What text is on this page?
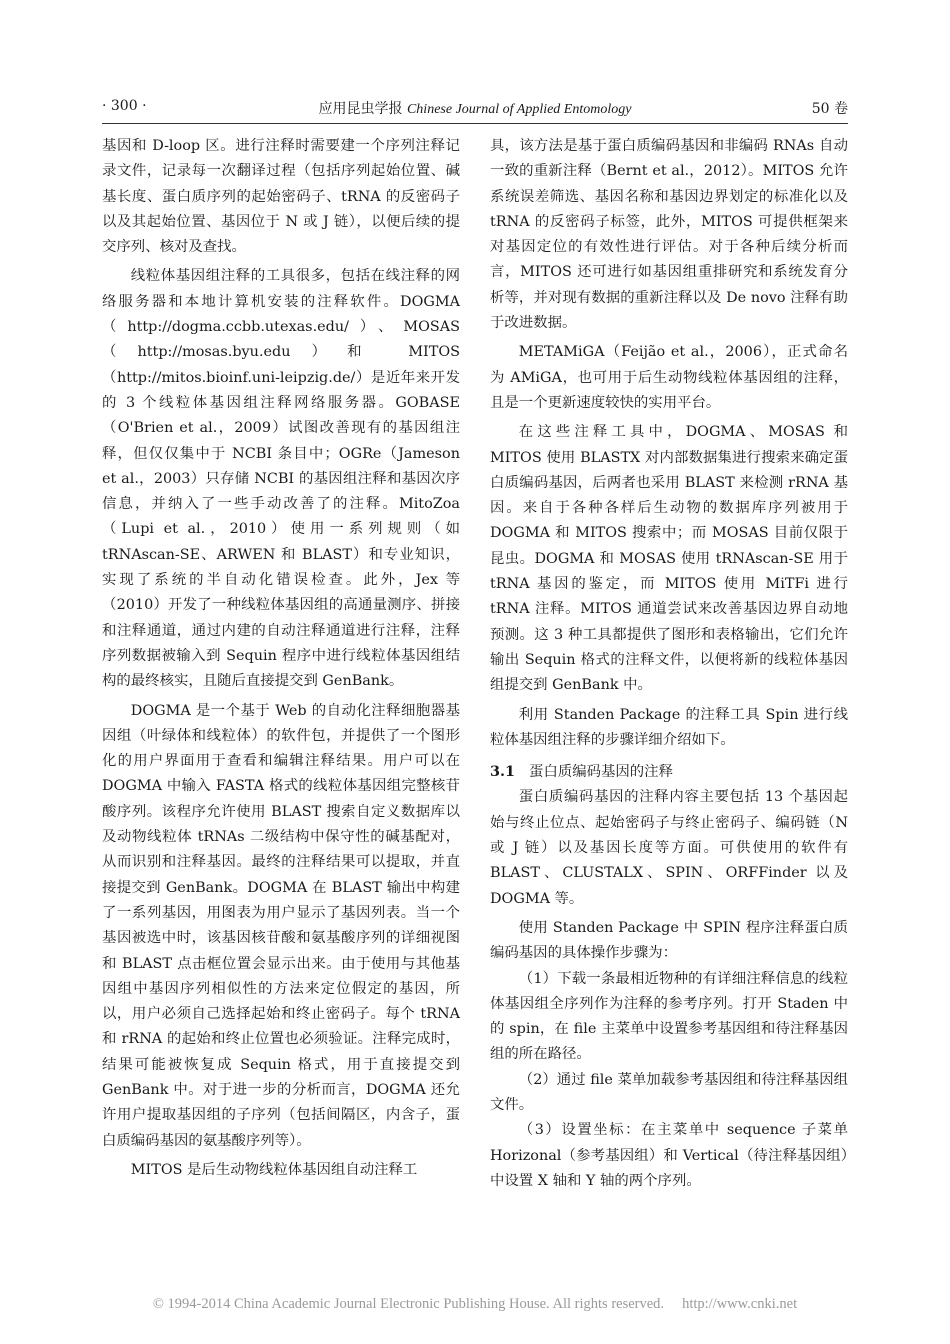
· 300 ·	应用昆虫学报 Chinese Journal of Applied Entomology	50 卷

基因和 D-loop 区。进行注释时需要建一个序列注释记录文件，记录每一次翻译过程（包括序列起始位置、碱基长度、蛋白质序列的起始密码子、tRNA 的反密码子以及其起始位置、基因位于 N 或 J 链），以便后续的提交序列、核对及查找。

线粒体基因组注释的工具很多，包括在线注释的网络服务器和本地计算机安装的注释软件。DOGMA（http://dogma.ccbb.utexas.edu/）、MOSAS（http://mosas.byu.edu）和 MITOS（http://mitos.bioinf.uni-leipzig.de/）是近年来开发的 3 个线粒体基因组注释网络服务器。GOBASE（O'Brien et al.，2009）试图改善现有的基因组注释，但仅仅集中于 NCBI 条目中；OGRe（Jameson et al.，2003）只存储 NCBI 的基因组注释和基因次序信息，并纳入了一些手动改善了的注释。MitoZoa（Lupi et al.，2010）使用一系列规则（如 tRNAscan-SE、ARWEN 和 BLAST）和专业知识，实现了系统的半自动化错误检查。此外，Jex 等（2010）开发了一种线粒体基因组的高通量测序、拼接和注释通道，通过内建的自动注释通道进行注释，注释序列数据被输入到 Sequin 程序中进行线粒体基因组结构的最终核实，且随后直接提交到 GenBank。

DOGMA 是一个基于 Web 的自动化注释细胞器基因组（叶绿体和线粒体）的软件包，并提供了一个图形化的用户界面用于查看和编辑注释结果。用户可以在 DOGMA 中输入 FASTA 格式的线粒体基因组完整核苷酸序列。该程序允许使用 BLAST 搜索自定义数据库以及动物线粒体 tRNAs 二级结构中保守性的碱基配对，从而识别和注释基因。最终的注释结果可以提取，并直接提交到 GenBank。DOGMA 在 BLAST 输出中构建了一系列基因，用图表为用户显示了基因列表。当一个基因被选中时，该基因核苷酸和氨基酸序列的详细视图和 BLAST 点击框位置会显示出来。由于使用与其他基因组中基因序列相似性的方法来定位假定的基因，所以，用户必须自己选择起始和终止密码子。每个 tRNA 和 rRNA 的起始和终止位置也必须验证。注释完成时，结果可能被恢复成 Sequin 格式，用于直接提交到 GenBank 中。对于进一步的分析而言，DOGMA 还允许用户提取基因组的子序列（包括间隔区，内含子，蛋白质编码基因的氨基酸序列等）。

MITOS 是后生动物线粒体基因组自动注释工

具，该方法是基于蛋白质编码基因和非编码 RNAs 自动一致的重新注释（Bernt et al.，2012）。MITOS 允许系统误差筛选、基因名称和基因边界划定的标准化以及 tRNA 的反密码子标签，此外，MITOS 可提供框架来对基因定位的有效性进行评估。对于各种后续分析而言，MITOS 还可进行如基因组重排研究和系统发育分析等，并对现有数据的重新注释以及 De novo 注释有助于改进数据。

METAMiGA（Feijão et al.，2006），正式命名为 AMiGA，也可用于后生动物线粒体基因组的注释，且是一个更新速度较快的实用平台。

在这些注释工具中，DOGMA、MOSAS 和 MITOS 使用 BLASTX 对内部数据集进行搜索来确定蛋白质编码基因，后两者也采用 BLAST 来检测 rRNA 基因。来自于各种各样后生动物的数据库序列被用于 DOGMA 和 MITOS 搜索中；而 MOSAS 目前仅限于昆虫。DOGMA 和 MOSAS 使用 tRNAscan-SE 用于 tRNA 基因的鉴定，而 MITOS 使用 MiTFi 进行 tRNA 注释。MITOS 通道尝试来改善基因边界自动地预测。这 3 种工具都提供了图形和表格输出，它们允许输出 Sequin 格式的注释文件，以便将新的线粒体基因组提交到 GenBank 中。

利用 Standen Package 的注释工具 Spin 进行线粒体基因组注释的步骤详细介绍如下。

3.1 蛋白质编码基因的注释

蛋白质编码基因的注释内容主要包括 13 个基因起始与终止位点、起始密码子与终止密码子、编码链（N 或 J 链）以及基因长度等方面。可供使用的软件有 BLAST、CLUSTALX、SPIN、ORFFinder 以及 DOGMA 等。

使用 Standen Package 中 SPIN 程序注释蛋白质编码基因的具体操作步骤为：

（1）下载一条最相近物种的有详细注释信息的线粒体基因组全序列作为注释的参考序列。打开 Staden 中的 spin，在 file 主菜单中设置参考基因组和待注释基因组的所在路径。

（2）通过 file 菜单加载参考基因组和待注释基因组文件。

（3）设置坐标：在主菜单中 sequence 子菜单 Horizonal（参考基因组）和 Vertical（待注释基因组）中设置 X 轴和 Y 轴的两个序列。

© 1994-2014 China Academic Journal Electronic Publishing House. All rights reserved. http://www.cnki.net
